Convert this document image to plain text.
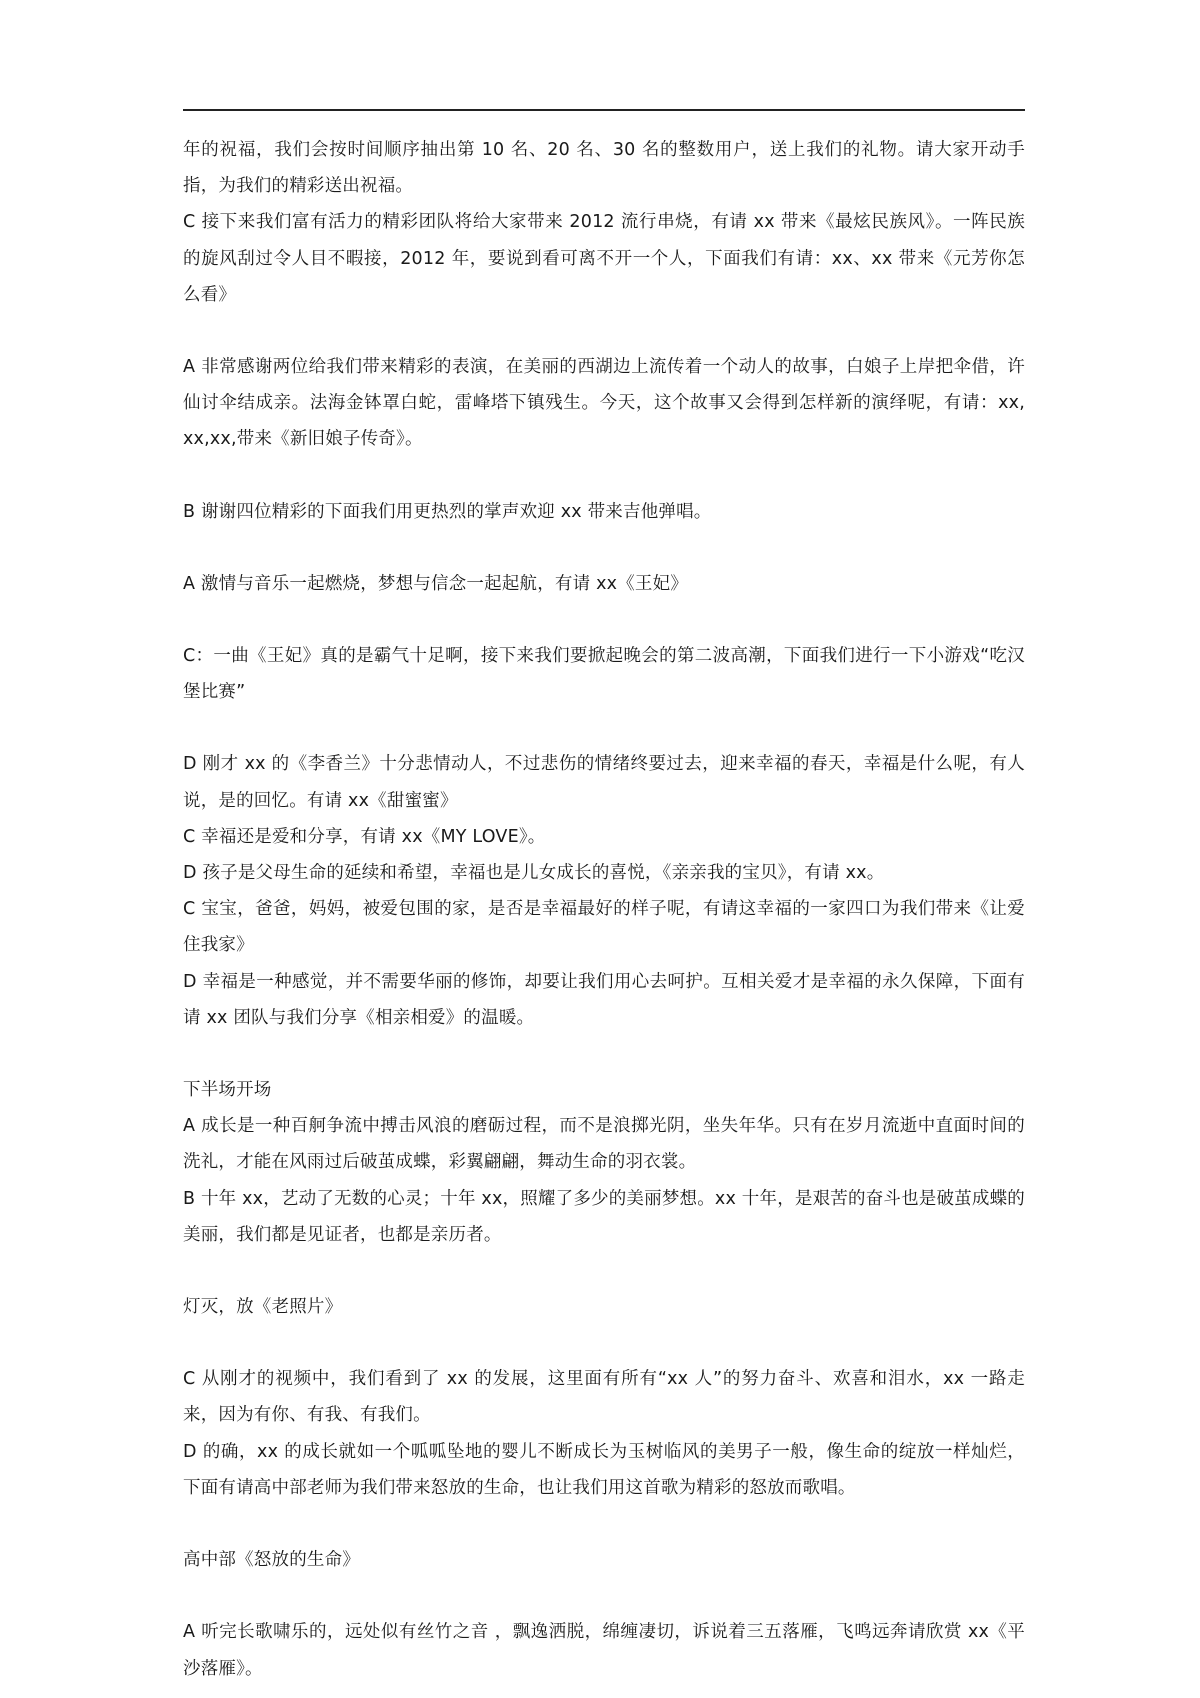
年的祝福，我们会按时间顺序抽出第 10 名、20 名、30 名的整数用户，送上我们的礼物。请大家开动手指，为我们的精彩送出祝福。

C 接下来我们富有活力的精彩团队将给大家带来 2012 流行串烧，有请 xx 带来《最炫民族风》。一阵民族的旋风刮过令人目不暇接，2012 年，要说到看可离不开一个人，下面我们有请：xx、xx 带来《元芳你怎么看》

A 非常感谢两位给我们带来精彩的表演，在美丽的西湖边上流传着一个动人的故事，白娘子上岸把伞借，许仙讨伞结成亲。法海金钵罩白蛇，雷峰塔下镇残生。今天，这个故事又会得到怎样新的演绎呢，有请：xx, xx,xx,带来《新旧娘子传奇》。

B 谢谢四位精彩的下面我们用更热烈的掌声欢迎 xx 带来吉他弹唱。

A 激情与音乐一起燃烧，梦想与信念一起起航，有请 xx《王妃》

C：一曲《王妃》真的是霸气十足啊，接下来我们要掀起晚会的第二波高潮，下面我们进行一下小游戏“吃汉堡比赛”

D 刚才 xx 的《李香兰》十分悲情动人，不过悲伤的情绪终要过去，迎来幸福的春天，幸福是什么呢，有人说，是的回忆。有请 xx《甜蜜蜜》

C 幸福还是爱和分享，有请 xx《MY LOVE》。

D 孩子是父母生命的延续和希望，幸福也是儿女成长的喜悦，《亲亲我的宝贝》，有请 xx。

C 宝宝，爸爸，妈妈，被爱包围的家，是否是幸福最好的样子呢，有请这幸福的一家四口为我们带来《让爱住我家》

D 幸福是一种感觉，并不需要华丽的修饰，却要让我们用心去呵护。互相关爱才是幸福的永久保障，下面有请 xx 团队与我们分享《相亲相爱》的温暖。

下半场开场

A 成长是一种百舸争流中搏击风浪的磨砺过程，而不是浪掷光阴，坐失年华。只有在岁月流逝中直面时间的洗礼，才能在风雨过后破茧成蝶，彩翼翩翩，舞动生命的羽衣裳。

B 十年 xx，艺动了无数的心灵；十年 xx，照耀了多少的美丽梦想。xx 十年，是艰苦的奋斗也是破茧成蝶的美丽，我们都是见证者，也都是亲历者。

灯灭，放《老照片》

C 从刚才的视频中，我们看到了 xx 的发展，这里面有所有“xx 人”的努力奋斗、欢喜和泪水，xx 一路走来，因为有你、有我、有我们。

D 的确，xx 的成长就如一个呱呱坠地的婴儿不断成长为玉树临风的美男子一般，像生命的绽放一样灿烂，下面有请高中部老师为我们带来怒放的生命，也让我们用这首歌为精彩的怒放而歌唱。

高中部《怒放的生命》

A 听完长歌啸乐的，远处似有丝竹之音 ，飘逸洒脱，绵缠凄切，诉说着三五落雁，飞鸣远奔请欣赏 xx《平沙落雁》。
